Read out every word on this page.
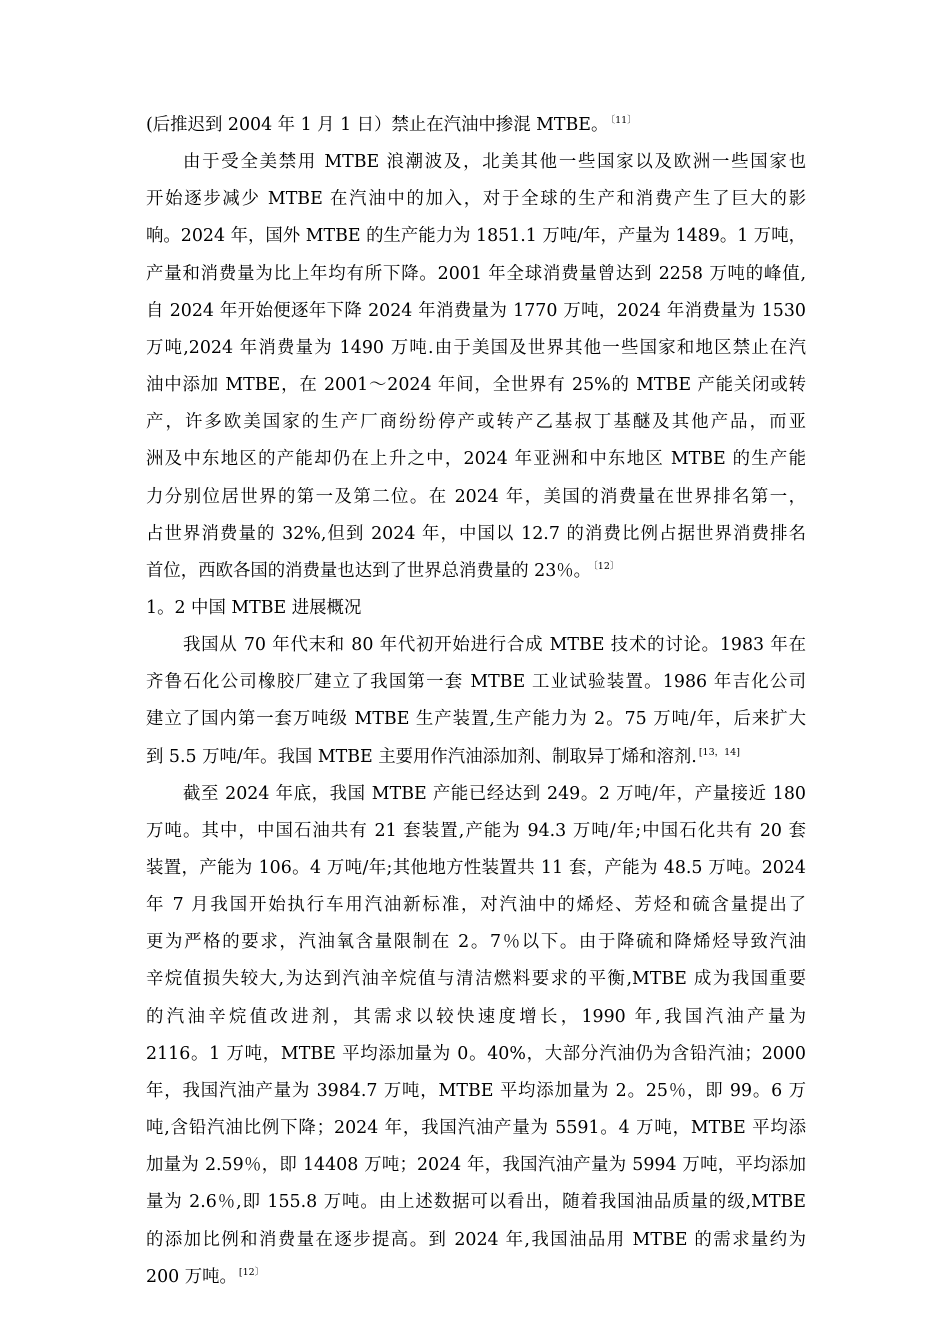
(后推迟到 2004 年 1 月 1 日）禁止在汽油中掺混 MTBE。 $^{〔11〕}$
由于受全美禁用 MTBE 浪潮波及，北美其他一些国家以及欧洲一些国家也
开始逐步减少 MTBE 在汽油中的加入，对于全球的生产和消费产生了巨大的影
响。2024 年，国外 MTBE 的生产能力为 1851.1 万吨/年，产量为 1489。1 万吨，
产量和消费量为比上年均有所下降。2001 年全球消费量曾达到 2258 万吨的峰值,
自 2024 年开始便逐年下降 2024 年消费量为 1770 万吨，2024 年消费量为 1530
万吨,2024 年消费量为 1490 万吨.由于美国及世界其他一些国家和地区禁止在汽
油中添加 MTBE，在 2001～2024 年间，全世界有 25%的 MTBE 产能关闭或转
产，许多欧美国家的生产厂商纷纷停产或转产乙基叔丁基醚及其他产品，而亚
洲及中东地区的产能却仍在上升之中，2024 年亚洲和中东地区 MTBE 的生产能
力分别位居世界的第一及第二位。在 2024 年，美国的消费量在世界排名第一，
占世界消费量的 32%,但到 2024 年，中国以 12.7 的消费比例占据世界消费排名
首位，西欧各国的消费量也达到了世界总消费量的 23％。 $^{〔12〕}$
1。2 中国 MTBE 进展概况
我国从 70 年代末和 80 年代初开始进行合成 MTBE 技术的讨论。1983 年在
齐鲁石化公司橡胶厂建立了我国第一套 MTBE 工业试验装置。1986 年吉化公司
建立了国内第一套万吨级 MTBE 生产装置,生产能力为 2。75 万吨/年，后来扩大
到 5.5 万吨/年。我国 MTBE 主要用作汽油添加剂、制取异丁烯和溶剂. [13，14]
截至 2024 年底，我国 MTBE 产能已经达到 249。2 万吨/年，产量接近 180
万吨。其中，中国石油共有 21 套装置,产能为 94.3 万吨/年;中国石化共有 20 套
装置，产能为 106。4 万吨/年;其他地方性装置共 11 套，产能为 48.5 万吨。2024
年 7 月我国开始执行车用汽油新标准，对汽油中的烯烃、芳烃和硫含量提出了
更为严格的要求，汽油氧含量限制在 2。7％以下。由于降硫和降烯烃导致汽油
辛烷值损失较大,为达到汽油辛烷值与清洁燃料要求的平衡,MTBE 成为我国重要
的汽油辛烷值改进剂，其需求以较快速度增长，1990 年,我国汽油产量为
2116。1 万吨，MTBE 平均添加量为 0。40%，大部分汽油仍为含铅汽油；2000
年，我国汽油产量为 3984.7 万吨，MTBE 平均添加量为 2。25％，即 99。6 万
吨,含铅汽油比例下降；2024 年，我国汽油产量为 5591。4 万吨，MTBE 平均添
加量为 2.59％，即 14408 万吨；2024 年，我国汽油产量为 5994 万吨，平均添加
量为 2.6％,即 155.8 万吨。由上述数据可以看出，随着我国油品质量的级,MTBE
的添加比例和消费量在逐步提高。到 2024 年,我国油品用 MTBE 的需求量约为
200 万吨。 $^{[12〕}$
